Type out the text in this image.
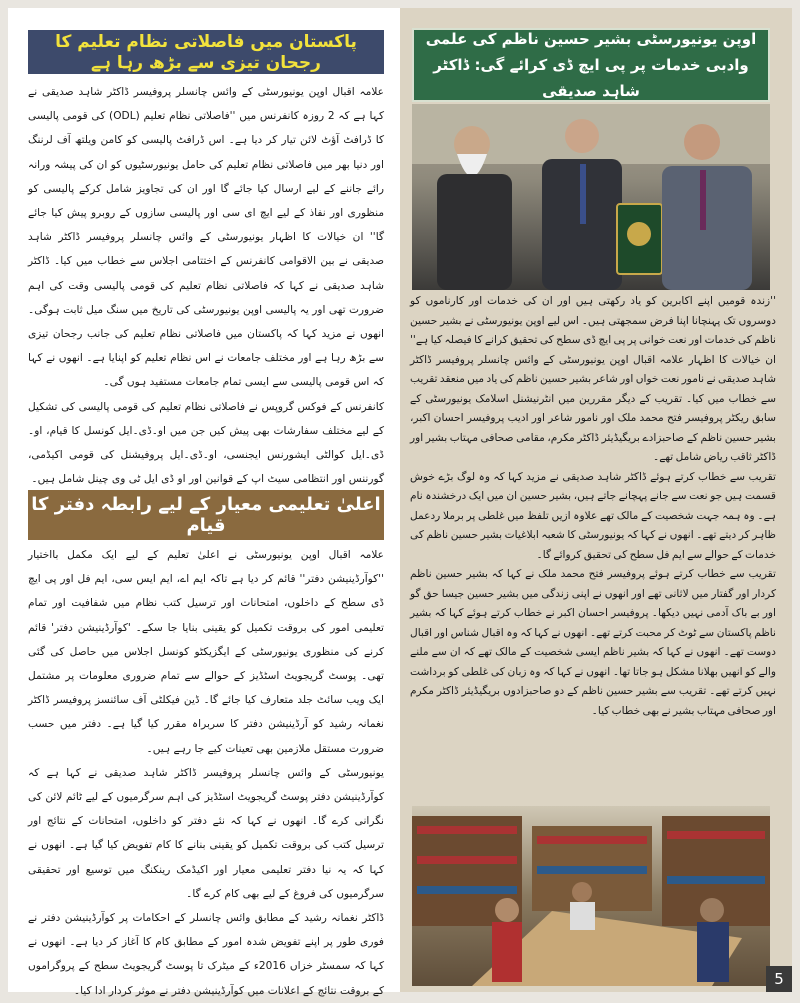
پاکستان میں فاصلاتی نظام تعلیم کا رجحان تیزی سے بڑھ رہا ہے

علامہ اقبال اوپن یونیورسٹی کے وائس چانسلر پروفیسر ڈاکٹر شاہد صدیقی نے کہا ہے کہ 2 روزہ کانفرنس میں ''فاصلاتی نظام تعلیم (ODL) کی قومی پالیسی کا ڈرافٹ آؤٹ لائن تیار کر دیا ہے۔ اس ڈرافٹ پالیسی کو کامن ویلتھ آف لرننگ اور دنیا بھر میں فاصلاتی نظام تعلیم کی حامل یونیورسٹیوں کو ان کی پیشہ ورانہ رائے جاننے کے لیے ارسال کیا جائے گا اور ان کی تجاویز شامل کرکے پالیسی کو منظوری اور نفاذ کے لیے ایچ ای سی اور پالیسی سازوں کے روبرو پیش کیا جائے گا'' ان خیالات کا اظہار یونیورسٹی کے وائس چانسلر پروفیسر ڈاکٹر شاہد صدیقی نے بین الاقوامی کانفرنس کے اختتامی اجلاس سے خطاب میں کیا۔ ڈاکٹر شاہد صدیقی نے کہا کہ فاصلاتی نظام تعلیم کی قومی پالیسی وقت کی اہم ضرورت تھی اور یہ پالیسی اوپن یونیورسٹی کی تاریخ میں سنگ میل ثابت ہوگی۔ انھوں نے مزید کہا کہ پاکستان میں فاصلاتی نظام تعلیم کی جانب رجحان تیزی سے بڑھ رہا ہے اور مختلف جامعات نے اس نظام تعلیم کو اپنایا ہے۔ انھوں نے کہا کہ اس قومی پالیسی سے ایسی تمام جامعات مستفید ہوں گی۔

کانفرنس کے فوکس گروپس نے فاصلاتی نظام تعلیم کی قومی پالیسی کی تشکیل کے لیے مختلف سفارشات بھی پیش کیں جن میں او۔ڈی۔ایل کونسل کا قیام، او۔ڈی۔ایل کوالٹی ایشورنس ایجنسی، او۔ڈی۔ایل پروفیشنل کی قومی اکیڈمی، گورننس اور انتظامی سیٹ اپ کے قوانین اور او ڈی ایل ٹی وی چینل شامل ہیں۔

اعلیٰ تعلیمی معیار کے لیے رابطہ دفتر کا قیام

علامہ اقبال اوپن یونیورسٹی نے اعلیٰ تعلیم کے لیے ایک مکمل بااختیار ''کوآرڈینیشن دفتر'' قائم کر دیا ہے تاکہ ایم اے، ایم ایس سی، ایم فل اور پی ایچ ڈی سطح کے داخلوں، امتحانات اور ترسیل کتب نظام میں شفافیت اور تمام تعلیمی امور کی بروقت تکمیل کو یقینی بنایا جا سکے۔ 'کوآرڈینیشن دفتر' قائم کرنے کی منظوری یونیورسٹی کے ایگزیکٹو کونسل اجلاس میں حاصل کی گئی تھی۔ پوسٹ گریجویٹ اسٹڈیز کے حوالے سے تمام ضروری معلومات پر مشتمل ایک ویب سائٹ جلد متعارف کیا جائے گا۔ ڈین فیکلٹی آف سائنسز پروفیسر ڈاکٹر نغمانہ رشید کو آرڈینیشن دفتر کا سربراہ مقرر کیا گیا ہے۔ دفتر میں حسب ضرورت مستقل ملازمین بھی تعینات کیے جا رہے ہیں۔

یونیورسٹی کے وائس چانسلر پروفیسر ڈاکٹر شاہد صدیقی نے کہا ہے کہ کوآرڈینیشن دفتر پوسٹ گریجویٹ اسٹڈیز کی اہم سرگرمیوں کے لیے ٹائم لائن کی نگرانی کرے گا۔ انھوں نے کہا کہ نئے دفتر کو داخلوں، امتحانات کے نتائج اور ترسیل کتب کی بروقت تکمیل کو یقینی بنانے کا کام تفویض کیا گیا ہے۔ انھوں نے کہا کہ یہ نیا دفتر تعلیمی معیار اور اکیڈمک رینکنگ میں توسیع اور تحقیقی سرگرمیوں کی فروغ کے لیے بھی کام کرے گا۔

ڈاکٹر نغمانہ رشید کے مطابق وائس چانسلر کے احکامات پر کوآرڈینیشن دفتر نے فوری طور پر اپنے تفویض شدہ امور کے مطابق کام کا آغاز کر دیا ہے۔ انھوں نے کہا کہ سمسٹر خزاں 2016ء کے میٹرک تا پوسٹ گریجویٹ سطح کے پروگراموں کے بروقت نتائج کے اعلانات میں کوآرڈینیشن دفتر نے موثر کردار ادا کیا۔

اوپن یونیورسٹی بشیر حسین ناظم کی علمی وادبی خدمات پر پی ایچ ڈی کرائے گی: ڈاکٹر شاہد صدیقی

''زندہ قومیں اپنے اکابرین کو یاد رکھتی ہیں اور ان کی خدمات اور کارناموں کو دوسروں تک پہنچانا اپنا فرض سمجھتی ہیں۔ اس لیے اوپن یونیورسٹی نے بشیر حسین ناظم کی خدمات اور نعت خوانی پر پی ایچ ڈی سطح کی تحقیق کرانے کا فیصلہ کیا ہے'' ان خیالات کا اظہار علامہ اقبال اوپن یونیورسٹی کے وائس چانسلر پروفیسر ڈاکٹر شاہد صدیقی نے نامور نعت خواں اور شاعر بشیر حسین ناظم کی یاد میں منعقد تقریب سے خطاب میں کیا۔ تقریب کے دیگر مقررین میں انٹرنیشنل اسلامک یونیورسٹی کے سابق ریکٹر پروفیسر فتح محمد ملک اور نامور شاعر اور ادیب پروفیسر احسان اکبر، بشیر حسین ناظم کے صاحبزادے بریگیڈیئر ڈاکٹر مکرم، مقامی صحافی مہتاب بشیر اور ڈاکٹر ثاقب ریاض شامل تھے۔

تقریب سے خطاب کرتے ہوئے ڈاکٹر شاہد صدیقی نے مزید کہا کہ وہ لوگ بڑے خوش قسمت ہیں جو نعت سے جانے پہچانے جاتے ہیں، بشیر حسین ان میں ایک درخشندہ نام ہے۔ وہ ہمہ جہت شخصیت کے مالک تھے علاوہ ازیں تلفظ میں غلطی پر برملا ردعمل ظاہر کر دیتے تھے۔ انھوں نے کہا کہ یونیورسٹی کا شعبہ ابلاغیات بشیر حسین ناظم کی خدمات کے حوالے سے ایم فل سطح کی تحقیق کروائے گا۔

تقریب سے خطاب کرتے ہوئے پروفیسر فتح محمد ملک نے کہا کہ بشیر حسین ناظم کردار اور گفتار میں لاثانی تھے اور انھوں نے اپنی زندگی میں بشیر حسین جیسا حق گو اور بے باک آدمی نہیں دیکھا۔ پروفیسر احسان اکبر نے خطاب کرتے ہوئے کہا کہ بشیر ناظم پاکستان سے ٹوٹ کر محبت کرتے تھے۔ انھوں نے کہا کہ وہ اقبال شناس اور اقبال دوست تھے۔ انھوں نے کہا کہ بشیر ناظم ایسی شخصیت کے مالک تھے کہ ان سے ملنے والے کو انھیں بھلانا مشکل ہو جاتا تھا۔ انھوں نے کہا کہ وہ زبان کی غلطی کو برداشت نہیں کرتے تھے۔ تقریب سے بشیر حسین ناظم کے دو صاحبزادوں بریگیڈیئر ڈاکٹر مکرم اور صحافی مہتاب بشیر نے بھی خطاب کیا۔

5
